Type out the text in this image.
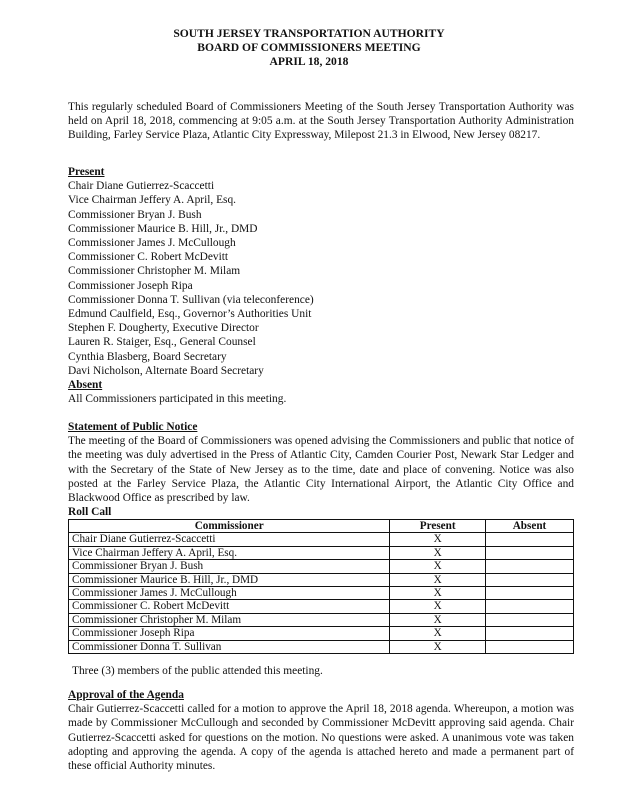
SOUTH JERSEY TRANSPORTATION AUTHORITY
BOARD OF COMMISSIONERS MEETING
APRIL 18, 2018
This regularly scheduled Board of Commissioners Meeting of the South Jersey Transportation Authority was held on April 18, 2018, commencing at 9:05 a.m. at the South Jersey Transportation Authority Administration Building, Farley Service Plaza, Atlantic City Expressway, Milepost 21.3 in Elwood, New Jersey 08217.
Present
Chair Diane Gutierrez-Scaccetti
Vice Chairman Jeffery A. April, Esq.
Commissioner Bryan J. Bush
Commissioner Maurice B. Hill, Jr., DMD
Commissioner James J. McCullough
Commissioner C. Robert McDevitt
Commissioner Christopher M. Milam
Commissioner Joseph Ripa
Commissioner Donna T. Sullivan (via teleconference)
Edmund Caulfield, Esq., Governor’s Authorities Unit
Stephen F. Dougherty, Executive Director
Lauren R. Staiger, Esq., General Counsel
Cynthia Blasberg, Board Secretary
Davi Nicholson, Alternate Board Secretary
Absent
All Commissioners participated in this meeting.
Statement of Public Notice
The meeting of the Board of Commissioners was opened advising the Commissioners and public that notice of the meeting was duly advertised in the Press of Atlantic City, Camden Courier Post, Newark Star Ledger and with the Secretary of the State of New Jersey as to the time, date and place of convening. Notice was also posted at the Farley Service Plaza, the Atlantic City International Airport, the Atlantic City Office and Blackwood Office as prescribed by law.
Roll Call
Commissioner	Present	Absent
Chair Diane Gutierrez-Scaccetti	X	
Vice Chairman Jeffery A. April, Esq.	X	
Commissioner Bryan J. Bush	X	
Commissioner Maurice B. Hill, Jr., DMD	X	
Commissioner James J. McCullough	X	
Commissioner C. Robert McDevitt	X	
Commissioner Christopher M. Milam	X	
Commissioner Joseph Ripa	X	
Commissioner Donna T. Sullivan	X	
Three (3) members of the public attended this meeting.
Approval of the Agenda
Chair Gutierrez-Scaccetti called for a motion to approve the April 18, 2018 agenda. Whereupon, a motion was made by Commissioner McCullough and seconded by Commissioner McDevitt approving said agenda. Chair Gutierrez-Scaccetti asked for questions on the motion. No questions were asked. A unanimous vote was taken adopting and approving the agenda. A copy of the agenda is attached hereto and made a permanent part of these official Authority minutes.
